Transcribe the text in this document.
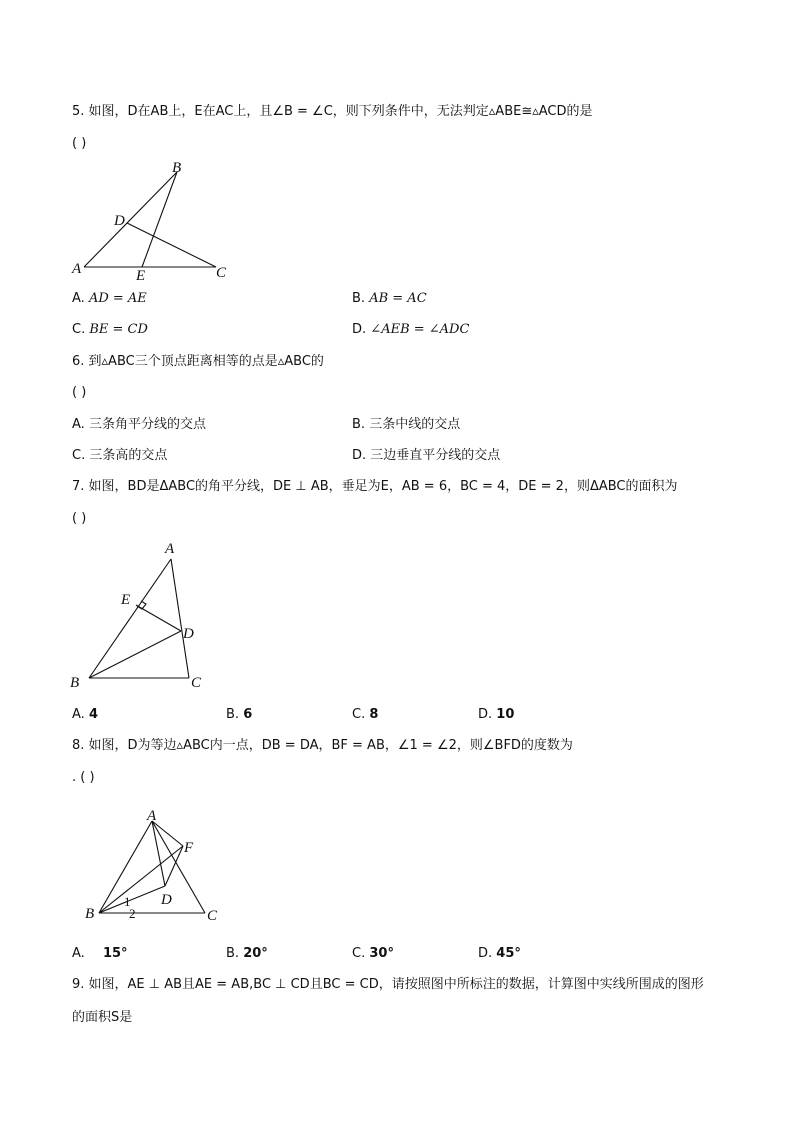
5. 如图，D在AB上，E在AC上，且∠B = ∠C，则下列条件中，无法判定▵ABE≅▵ACD的是
( )
A
B
C
D
E
A. AD = AE	B. AB = AC
C. BE = CD	D. ∠AEB = ∠ADC
6. 到▵ABC三个顶点距离相等的点是▵ABC的
( )
A. 三条角平分线的交点	B. 三条中线的交点
C. 三条高的交点	D. 三边垂直平分线的交点
7. 如图，BD是ΔABC的角平分线，DE ⊥ AB，垂足为E，AB = 6，BC = 4，DE = 2，则ΔABC的面积为
( )
A
B	C
D
E
A. 4	B. 6	C. 8	D. 10
8. 如图，D为等边▵ABC内一点，DB = DA，BF = AB，∠1 = ∠2，则∠BFD的度数为
. ( )
A
B	C
D
F
1
2
A. 15°	B. 20°	C. 30°	D. 45°
9. 如图，AE ⊥ AB且AE = AB,BC ⊥ CD且BC = CD，请按照图中所标注的数据，计算图中实线所围成的图形
的面积S是
